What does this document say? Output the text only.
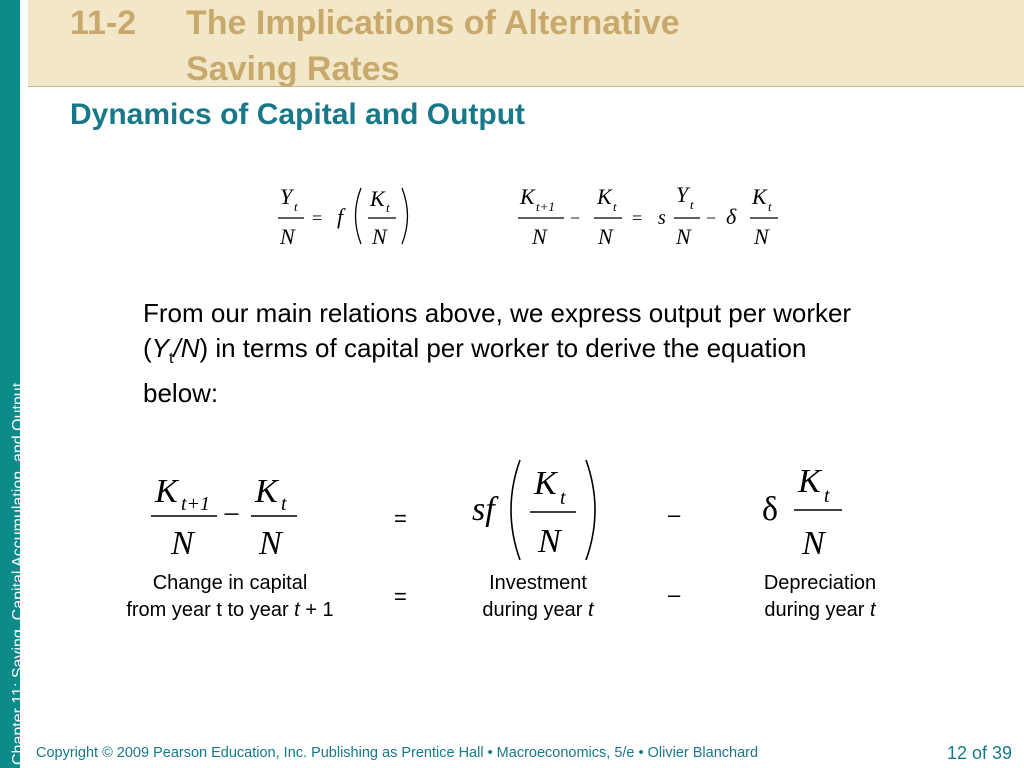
Chapter 11: Saving, Capital Accumulation, and Output
11-2 The Implications of Alternative
Saving Rates
Dynamics of Capital and Output
Y t
N
= f
K t
N
K t+1
N
−
K t
N
= s
Y t
N
− δ
K t
N
From our main relations above, we express output per worker $(Y_t/N)$ in terms of capital per worker to derive the equation below:
K t+1
N
−
K t
N
= sf
K t
N
– δ
K t
N
Change in capital
from year t to year t + 1
=
Investment
during year t
–	Depreciation
during year t
Copyright © 2009 Pearson Education, Inc. Publishing as Prentice Hall • Macroeconomics, 5/e • Olivier Blanchard	12 of 39
